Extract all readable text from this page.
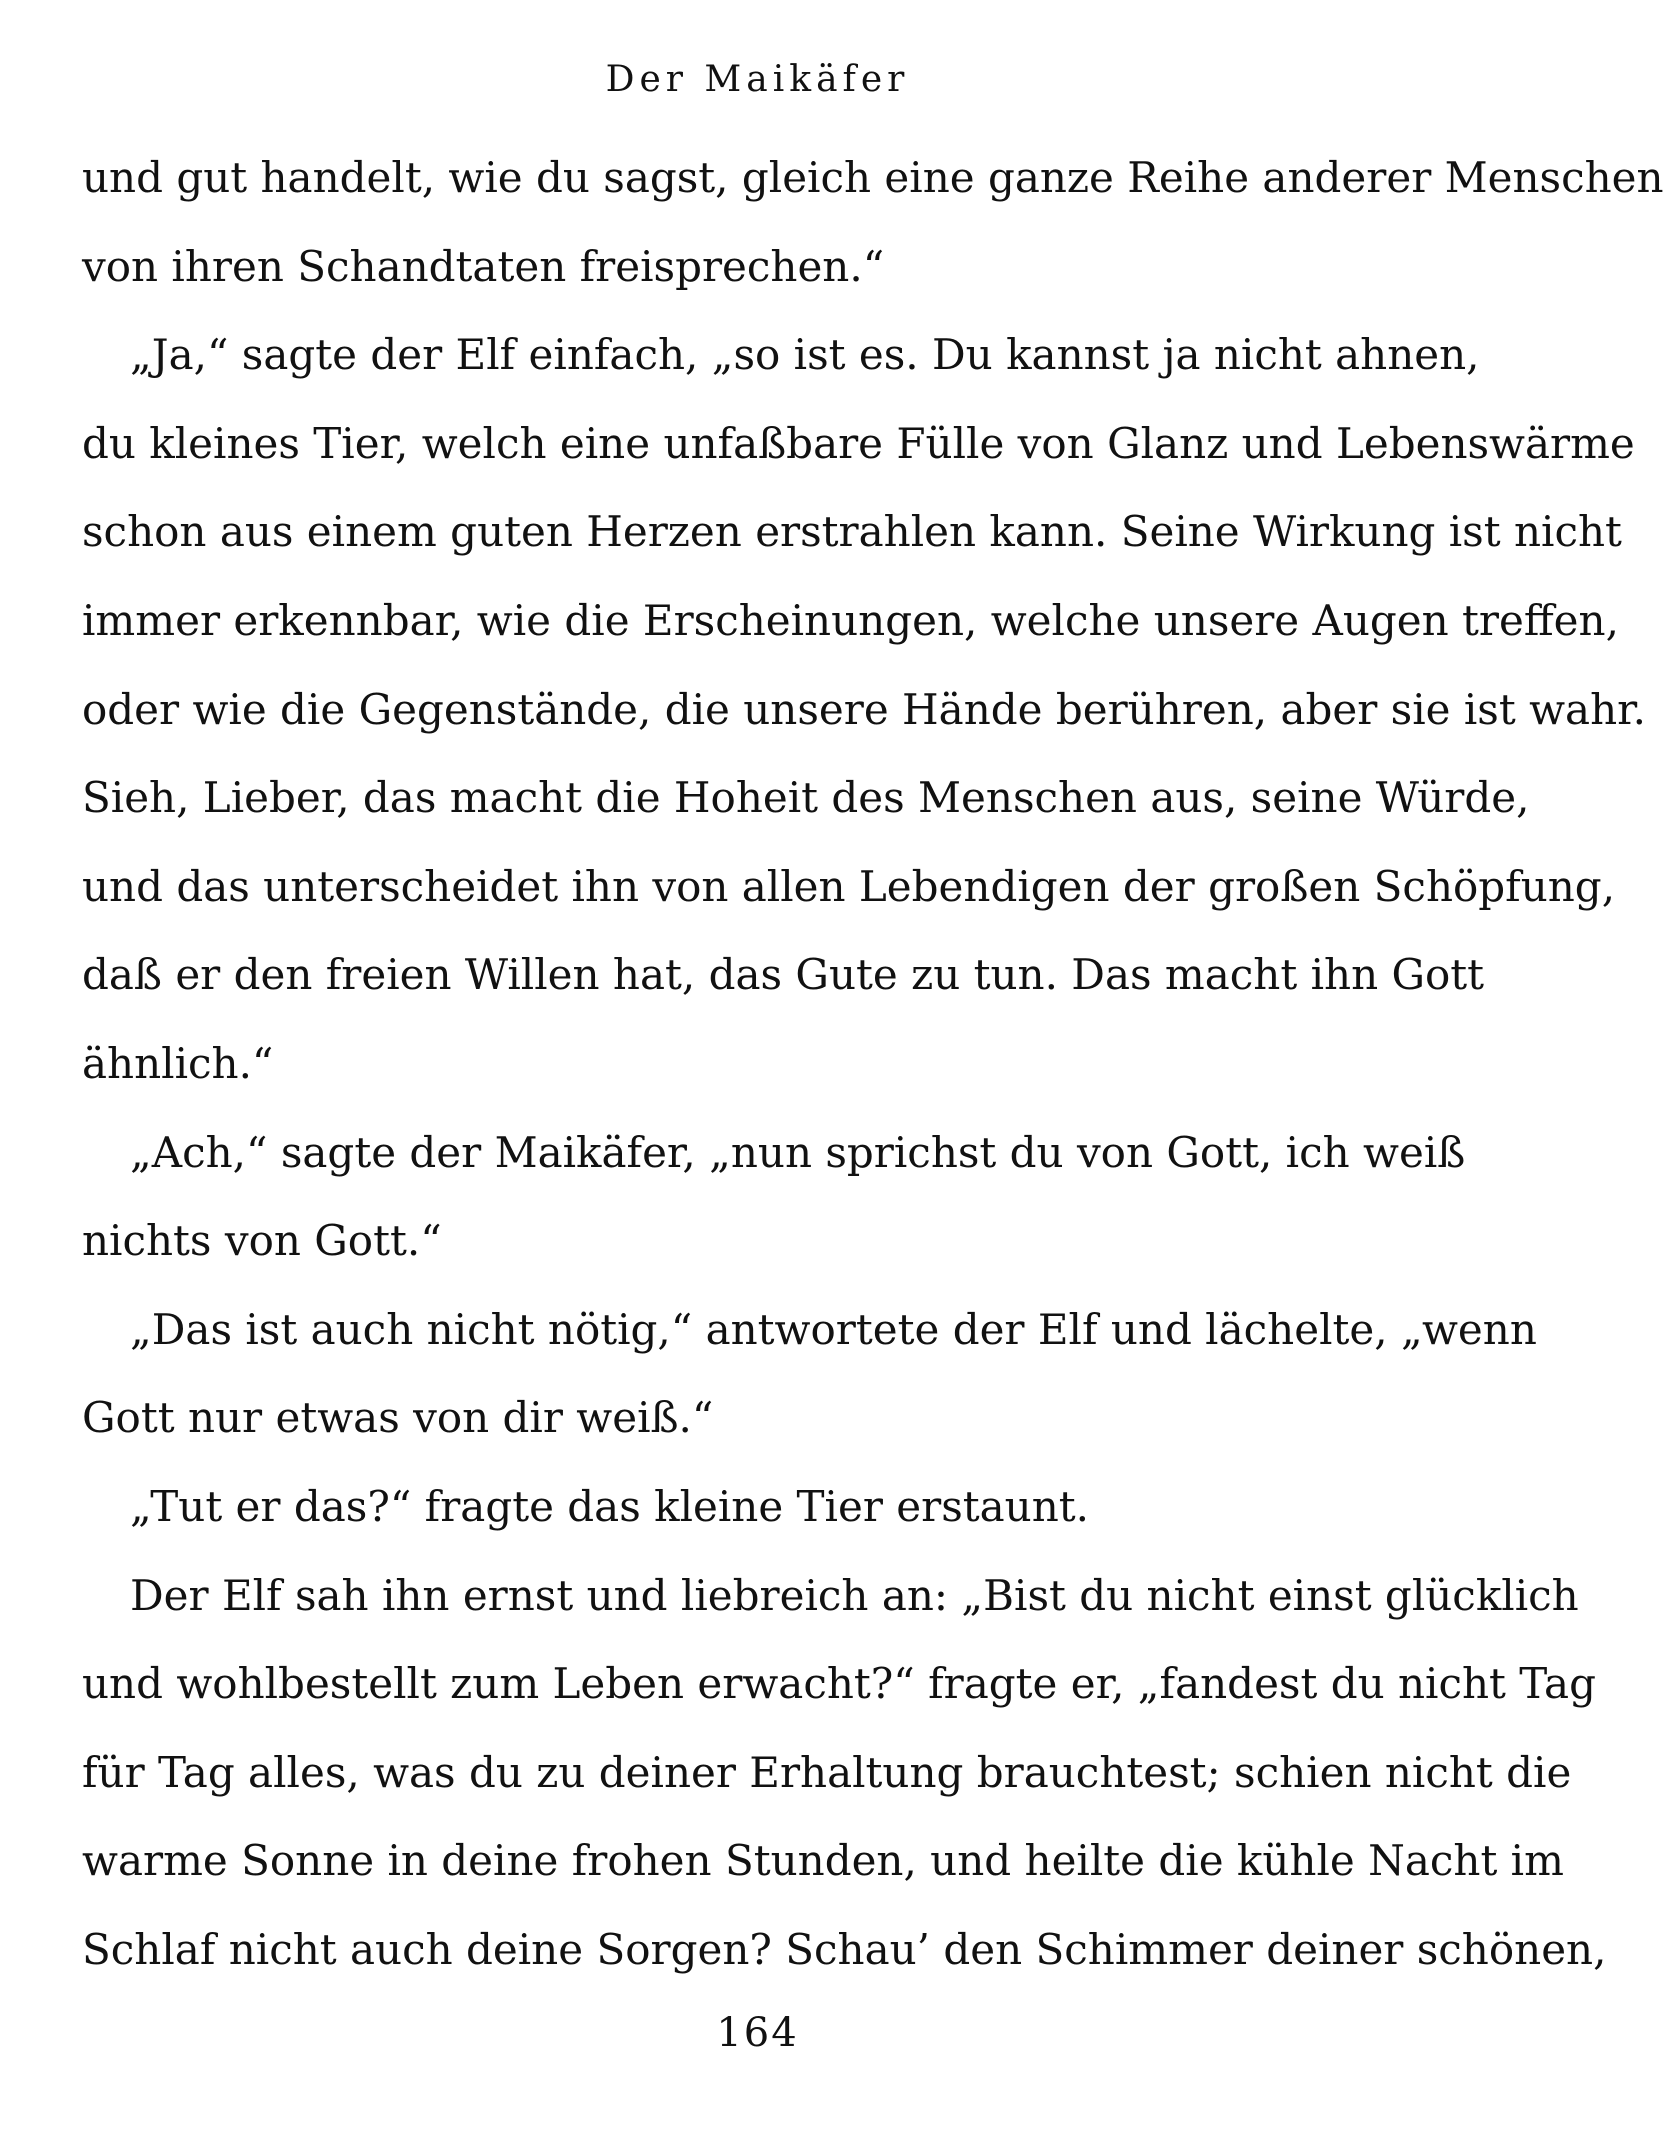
Der Maikäfer
und gut handelt, wie du sagst, gleich eine ganze Reihe anderer Menschen
von ihren Schandtaten freisprechen.“
„Ja,“ sagte der Elf einfach, „so ist es. Du kannst ja nicht ahnen,
du kleines Tier, welch eine unfaßbare Fülle von Glanz und Lebenswärme
schon aus einem guten Herzen erstrahlen kann. Seine Wirkung ist nicht
immer erkennbar, wie die Erscheinungen, welche unsere Augen treffen,
oder wie die Gegenstände, die unsere Hände berühren, aber sie ist wahr.
Sieh, Lieber, das macht die Hoheit des Menschen aus, seine Würde,
und das unterscheidet ihn von allen Lebendigen der großen Schöpfung,
daß er den freien Willen hat, das Gute zu tun. Das macht ihn Gott
ähnlich.“
„Ach,“ sagte der Maikäfer, „nun sprichst du von Gott, ich weiß
nichts von Gott.“
„Das ist auch nicht nötig,“ antwortete der Elf und lächelte, „wenn
Gott nur etwas von dir weiß.“
„Tut er das?“ fragte das kleine Tier erstaunt.
Der Elf sah ihn ernst und liebreich an: „Bist du nicht einst glücklich
und wohlbestellt zum Leben erwacht?“ fragte er, „fandest du nicht Tag
für Tag alles, was du zu deiner Erhaltung brauchtest; schien nicht die
warme Sonne in deine frohen Stunden, und heilte die kühle Nacht im
Schlaf nicht auch deine Sorgen? Schau’ den Schimmer deiner schönen,
164
